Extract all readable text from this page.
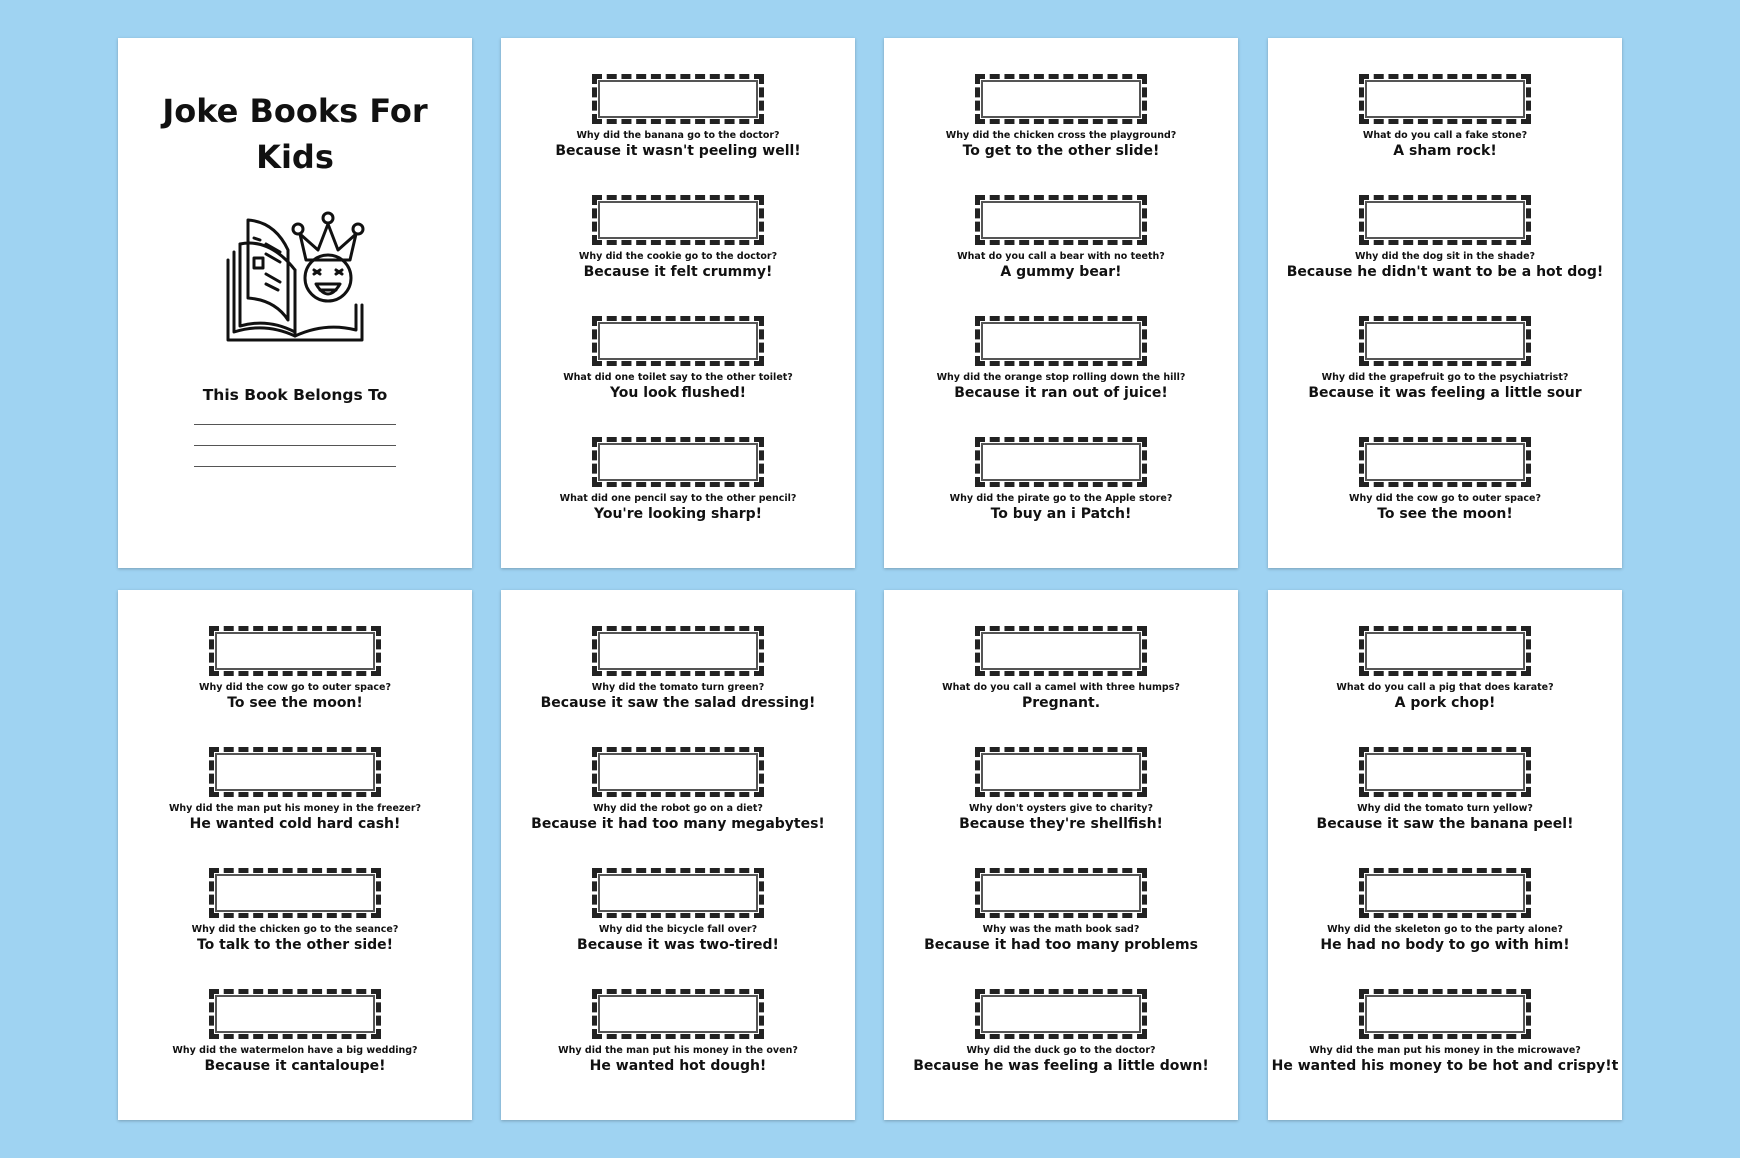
Joke Books For Kids
This Book Belongs To
Why did the banana go to the doctor?
Because it wasn't peeling well!
Why did the cookie go to the doctor?
Because it felt crummy!
What did one toilet say to the other toilet?
You look flushed!
What did one pencil say to the other pencil?
You're looking sharp!
Why did the chicken cross the playground?
To get to the other slide!
What do you call a bear with no teeth?
A gummy bear!
Why did the orange stop rolling down the hill?
Because it ran out of juice!
Why did the pirate go to the Apple store?
To buy an i Patch!
What do you call a fake stone?
A sham rock!
Why did the dog sit in the shade?
Because he didn't want to be a hot dog!
Why did the grapefruit go to the psychiatrist?
Because it was feeling a little sour
Why did the cow go to outer space?
To see the moon!
Why did the cow go to outer space?
To see the moon!
Why did the man put his money in the freezer?
He wanted cold hard cash!
Why did the chicken go to the seance?
To talk to the other side!
Why did the watermelon have a big wedding?
Because it cantaloupe!
Why did the tomato turn green?
Because it saw the salad dressing!
Why did the robot go on a diet?
Because it had too many megabytes!
Why did the bicycle fall over?
Because it was two-tired!
Why did the man put his money in the oven?
He wanted hot dough!
What do you call a camel with three humps?
Pregnant.
Why don't oysters give to charity?
Because they're shellfish!
Why was the math book sad?
Because it had too many problems
Why did the duck go to the doctor?
Because he was feeling a little down!
What do you call a pig that does karate?
A pork chop!
Why did the tomato turn yellow?
Because it saw the banana peel!
Why did the skeleton go to the party alone?
He had no body to go with him!
Why did the man put his money in the microwave?
He wanted his money to be hot and crispy!t
